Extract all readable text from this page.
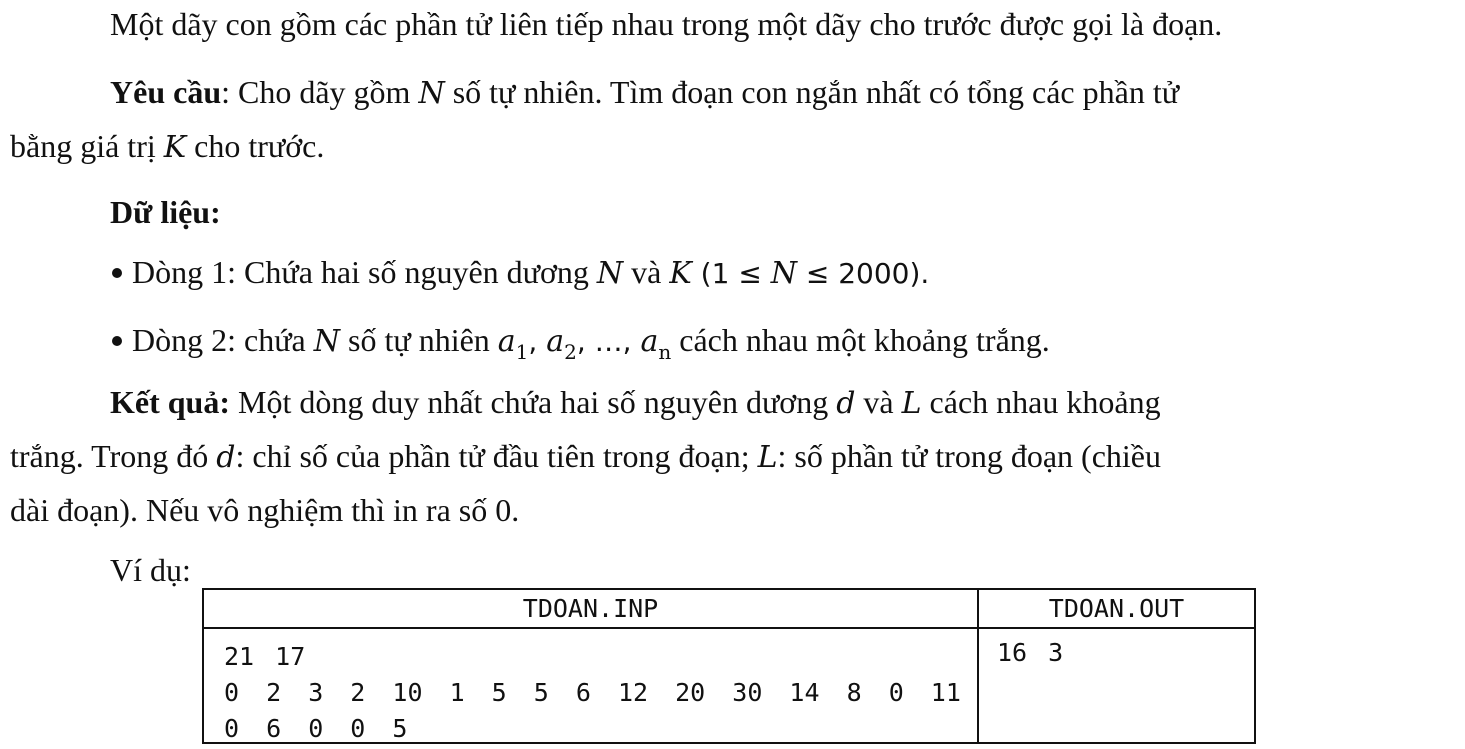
Một dãy con gồm các phần tử liên tiếp nhau trong một dãy cho trước được gọi là đoạn.
Yêu cầu: Cho dãy gồm N số tự nhiên. Tìm đoạn con ngắn nhất có tổng các phần tử
bằng giá trị K cho trước.
Dữ liệu:
Dòng 1: Chứa hai số nguyên dương N và K (1 ≤ N ≤ 2000).
Dòng 2: chứa N số tự nhiên $a_1$, $a_2$, …, $a_n$ cách nhau một khoảng trắng.
Kết quả: Một dòng duy nhất chứa hai số nguyên dương d và L cách nhau khoảng
trắng. Trong đó d: chỉ số của phần tử đầu tiên trong đoạn; L: số phần tử trong đoạn (chiều
dài đoạn). Nếu vô nghiệm thì in ra số 0.
Ví dụ:
TDOAN.INP	TDOAN.OUT
21 17
0 2 3 2 10 1 5 5 6 12 20 30 14 8 0 11
0 6 0 0 5
16 3
